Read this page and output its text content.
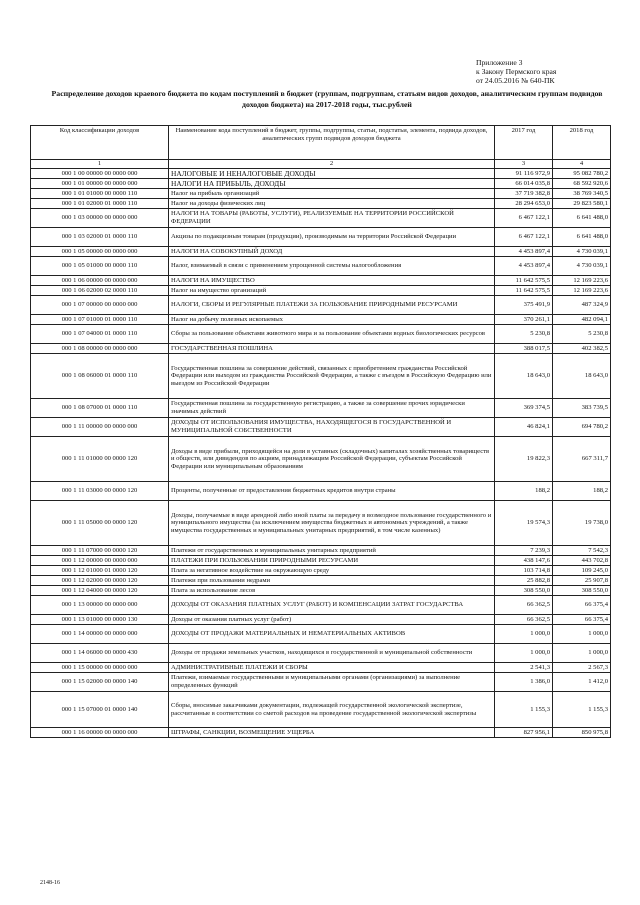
Приложение 3
к Закону Пермского края
от 24.05.2016 № 640-ПК
Распределение доходов краевого бюджета по кодам поступлений в бюджет (группам, подгруппам, статьям видов доходов, аналитическим группам подвидов доходов бюджета) на 2017-2018 годы, тыс.рублей
Код классификации доходов	Наименование кода поступлений в бюджет, группы, подгруппы, статьи, подстатьи, элемента, подвида доходов, аналитических групп подвидов доходов бюджета	2017 год	2018 год
1	2	3	4
000 1 00 00000 00 0000 000	НАЛОГОВЫЕ И НЕНАЛОГОВЫЕ ДОХОДЫ	91 116 972,9	95 082 780,2
000 1 01 00000 00 0000 000	НАЛОГИ НА ПРИБЫЛЬ, ДОХОДЫ	66 014 035,8	68 592 920,6
000 1 01 01000 00 0000 110	Налог на прибыль организаций	37 719 382,8	38 769 340,5
000 1 01 02000 01 0000 110	Налог на доходы физических лиц	28 294 653,0	29 823 580,1
000 1 03 00000 00 0000 000	НАЛОГИ НА ТОВАРЫ (РАБОТЫ, УСЛУГИ), РЕАЛИЗУЕМЫЕ НА ТЕРРИТОРИИ РОССИЙСКОЙ ФЕДЕРАЦИИ	6 467 122,1	6 641 488,0
000 1 03 02000 01 0000 110	Акцизы по подакцизным товарам (продукции), производимым на территории Российской Федерации	6 467 122,1	6 641 488,0
000 1 05 00000 00 0000 000	НАЛОГИ НА СОВОКУПНЫЙ ДОХОД	4 453 897,4	4 730 039,1
000 1 05 01000 00 0000 110	Налог, взимаемый в связи с применением упрощенной системы налогообложения	4 453 897,4	4 730 039,1
000 1 06 00000 00 0000 000	НАЛОГИ НА ИМУЩЕСТВО	11 642 575,5	12 169 223,6
000 1 06 02000 02 0000 110	Налог на имущество организаций	11 642 575,5	12 169 223,6
000 1 07 00000 00 0000 000	НАЛОГИ, СБОРЫ И РЕГУЛЯРНЫЕ ПЛАТЕЖИ ЗА ПОЛЬЗОВАНИЕ ПРИРОДНЫМИ РЕСУРСАМИ	375 491,9	487 324,9
000 1 07 01000 01 0000 110	Налог на добычу полезных ископаемых	370 261,1	482 094,1
000 1 07 04000 01 0000 110	Сборы за пользование объектами животного мира и за пользование объектами водных биологических ресурсов	5 230,8	5 230,8
000 1 08 00000 00 0000 000	ГОСУДАРСТВЕННАЯ ПОШЛИНА	388 017,5	402 382,5
000 1 08 06000 01 0000 110	Государственная пошлина за совершение действий, связанных с приобретением гражданства Российской Федерации или выходом из гражданства Российской Федерации, а также с въездом в Российскую Федерацию или выездом из Российской Федерации	18 643,0	18 643,0
000 1 08 07000 01 0000 110	Государственная пошлина за государственную регистрацию, а также за совершение прочих юридически значимых действий	369 374,5	383 739,5
000 1 11 00000 00 0000 000	ДОХОДЫ ОТ ИСПОЛЬЗОВАНИЯ ИМУЩЕСТВА, НАХОДЯЩЕГОСЯ В ГОСУДАРСТВЕННОЙ И МУНИЦИПАЛЬНОЙ СОБСТВЕННОСТИ	46 824,1	694 780,2
000 1 11 01000 00 0000 120	Доходы в виде прибыли, приходящейся на доли в уставных (складочных) капиталах хозяйственных товариществ и обществ, или дивидендов по акциям, принадлежащим Российской Федерации, субъектам Российской Федерации или муниципальным образованиям	19 822,3	667 311,7
000 1 11 03000 00 0000 120	Проценты, полученные от предоставления бюджетных кредитов внутри страны	188,2	188,2
000 1 11 05000 00 0000 120	Доходы, получаемые в виде арендной либо иной платы за передачу в возмездное пользование государственного и муниципального имущества (за исключением имущества бюджетных и автономных учреждений, а также имущества государственных и муниципальных унитарных предприятий, в том числе казенных)	19 574,3	19 738,0
000 1 11 07000 00 0000 120	Платежи от государственных и муниципальных унитарных предприятий	7 239,3	7 542,3
000 1 12 00000 00 0000 000	ПЛАТЕЖИ ПРИ ПОЛЬЗОВАНИИ ПРИРОДНЫМИ РЕСУРСАМИ	438 147,6	443 702,8
000 1 12 01000 01 0000 120	Плата за негативное воздействие на окружающую среду	103 714,8	109 245,0
000 1 12 02000 00 0000 120	Платежи при пользовании недрами	25 882,8	25 907,8
000 1 12 04000 00 0000 120	Плата за использование лесов	308 550,0	308 550,0
000 1 13 00000 00 0000 000	ДОХОДЫ ОТ ОКАЗАНИЯ ПЛАТНЫХ УСЛУГ (РАБОТ) И КОМПЕНСАЦИИ ЗАТРАТ ГОСУДАРСТВА	66 362,5	66 375,4
000 1 13 01000 00 0000 130	Доходы от оказания платных услуг (работ)	66 362,5	66 375,4
000 1 14 00000 00 0000 000	ДОХОДЫ ОТ ПРОДАЖИ МАТЕРИАЛЬНЫХ И НЕМАТЕРИАЛЬНЫХ АКТИВОВ	1 000,0	1 000,0
000 1 14 06000 00 0000 430	Доходы от продажи земельных участков, находящихся в государственной и муниципальной собственности	1 000,0	1 000,0
000 1 15 00000 00 0000 000	АДМИНИСТРАТИВНЫЕ ПЛАТЕЖИ И СБОРЫ	2 541,3	2 567,3
000 1 15 02000 00 0000 140	Платежи, взимаемые государственными и муниципальными органами (организациями) за выполнение определенных функций	1 386,0	1 412,0
000 1 15 07000 01 0000 140	Сборы, вносимые заказчиками документации, подлежащей государственной экологической экспертизе, рассчитанные в соответствии со сметой расходов на проведение государственной экологической экспертизы	1 155,3	1 155,3
000 1 16 00000 00 0000 000	ШТРАФЫ, САНКЦИИ, ВОЗМЕЩЕНИЕ УЩЕРБА	827 956,1	850 975,8
2148-16
